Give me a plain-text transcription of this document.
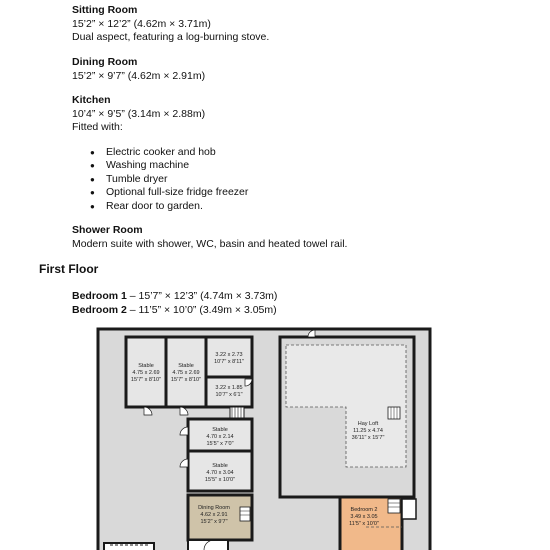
Sitting Room

15’2” × 12’2” (4.62m × 3.71m)

Dual aspect, featuring a log-burning stove.

Dining Room

15’2” × 9’7” (4.62m × 2.91m)

Kitchen

10’4” × 9’5” (3.14m × 2.88m)

Fitted with:

● Electric cooker and hob
● Washing machine
● Tumble dryer
● Optional full-size fridge freezer
● Rear door to garden.

Shower Room

Modern suite with shower, WC, basin and heated towel rail.

First Floor

Bedroom 1 – 15’7” × 12’3” (4.74m × 3.73m)

Bedroom 2 – 11’5” × 10’0” (3.49m × 3.05m)

Stable
4.75 x 2.69
15'7" x 8'10"
Stable
4.75 x 2.69
15'7" x 8'10"
3.22 x 2.73
10'7" x 8'11"
3.22 x 1.85
10'7" x 6'1"
Stable
4.70 x 2.14
15'5" x 7'0"
Stable
4.70 x 3.04
15'5" x 10'0"
Dining Room
4.62 x 2.91
15'2" x 9'7"
Hay Loft
11.25 x 4.74
36'11" x 15'7"
Bedroom 2
3.49 x 3.05
11'5" x 10'0"
